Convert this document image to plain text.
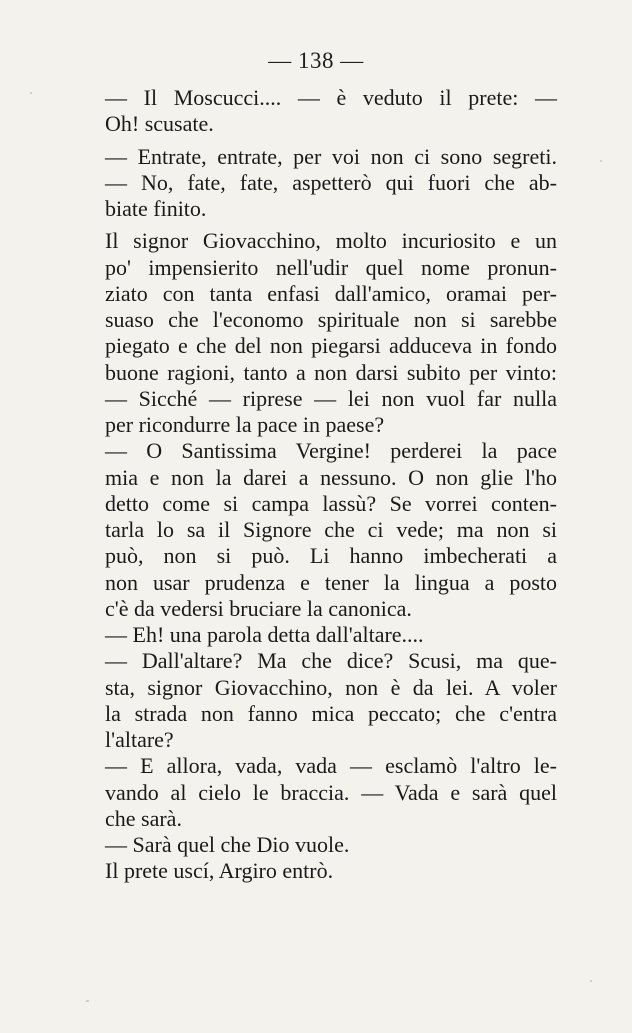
— 138 —
— Il Moscucci.... — è veduto il prete: —
Oh! scusate.
— Entrate, entrate, per voi non ci sono segreti.
— No, fate, fate, aspetterò qui fuori che ab-
biate finito.
Il signor Giovacchino, molto incuriosito e un
po' impensierito nell'udir quel nome pronun-
ziato con tanta enfasi dall'amico, oramai per-
suaso che l'economo spirituale non si sarebbe
piegato e che del non piegarsi adduceva in fondo
buone ragioni, tanto a non darsi subito per vinto:
— Sicché — riprese — lei non vuol far nulla
per ricondurre la pace in paese?
— O Santissima Vergine! perderei la pace
mia e non la darei a nessuno. O non glie l'ho
detto come si campa lassù? Se vorrei conten-
tarla lo sa il Signore che ci vede; ma non si
può, non si può. Li hanno imbecherati a
non usar prudenza e tener la lingua a posto
c'è da vedersi bruciare la canonica.
— Eh! una parola detta dall'altare....
— Dall'altare? Ma che dice? Scusi, ma que-
sta, signor Giovacchino, non è da lei. A voler
la strada non fanno mica peccato; che c'entra
l'altare?
— E allora, vada, vada — esclamò l'altro le-
vando al cielo le braccia. — Vada e sarà quel
che sarà.
— Sarà quel che Dio vuole.
Il prete uscí, Argiro entrò.
